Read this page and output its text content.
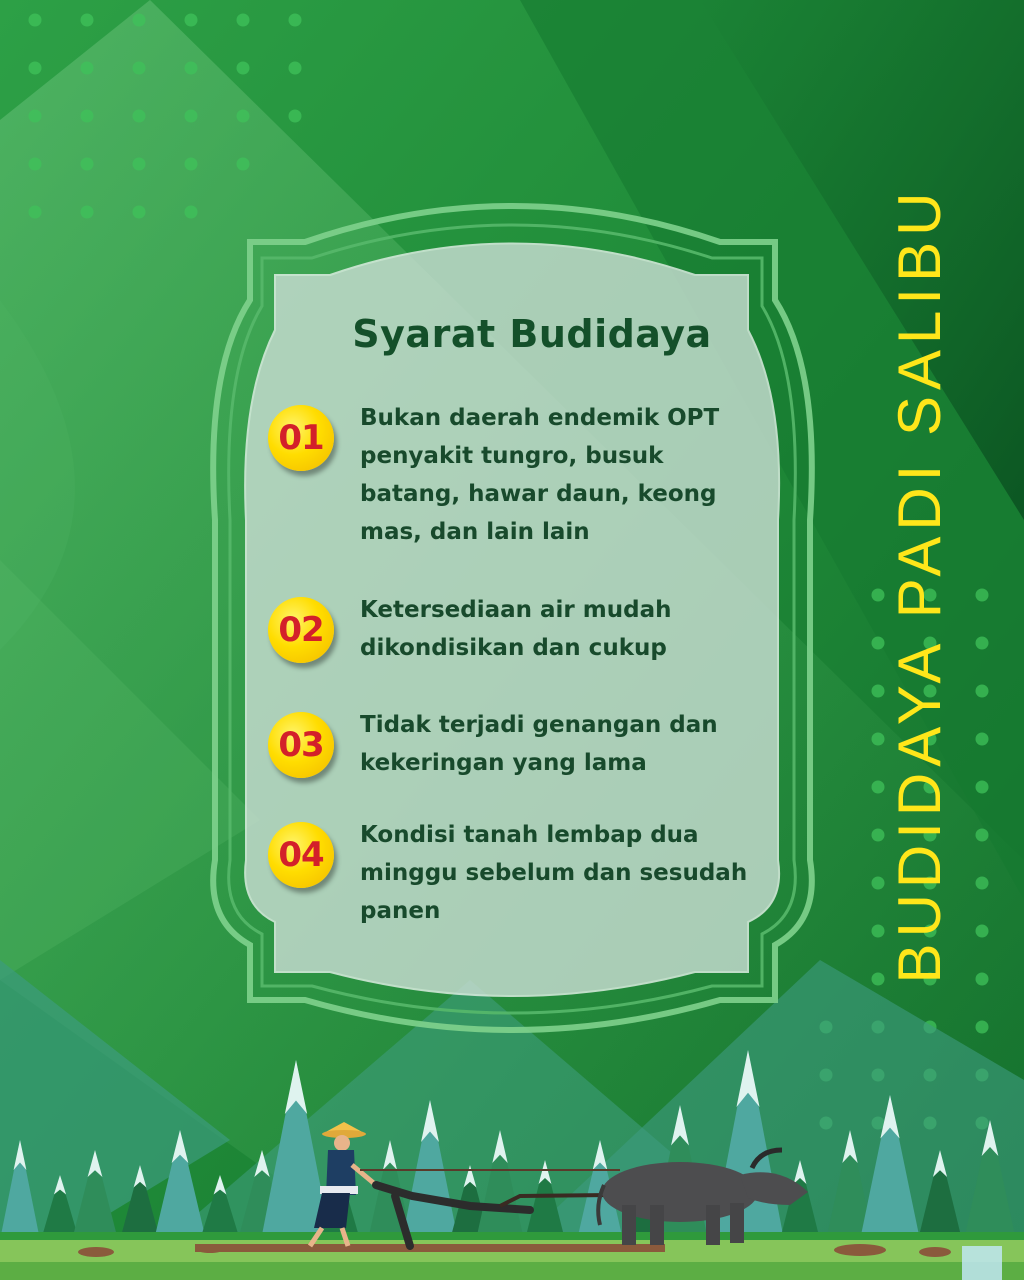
BUDIDAYA PADI SALIBU
Syarat Budidaya
01 Bukan daerah endemik OPT penyakit tungro, busuk batang, hawar daun, keong mas, dan lain lain
02 Ketersediaan air mudah dikondisikan dan cukup
03 Tidak terjadi genangan dan kekeringan yang lama
04 Kondisi tanah lembap dua minggu sebelum dan sesudah panen
